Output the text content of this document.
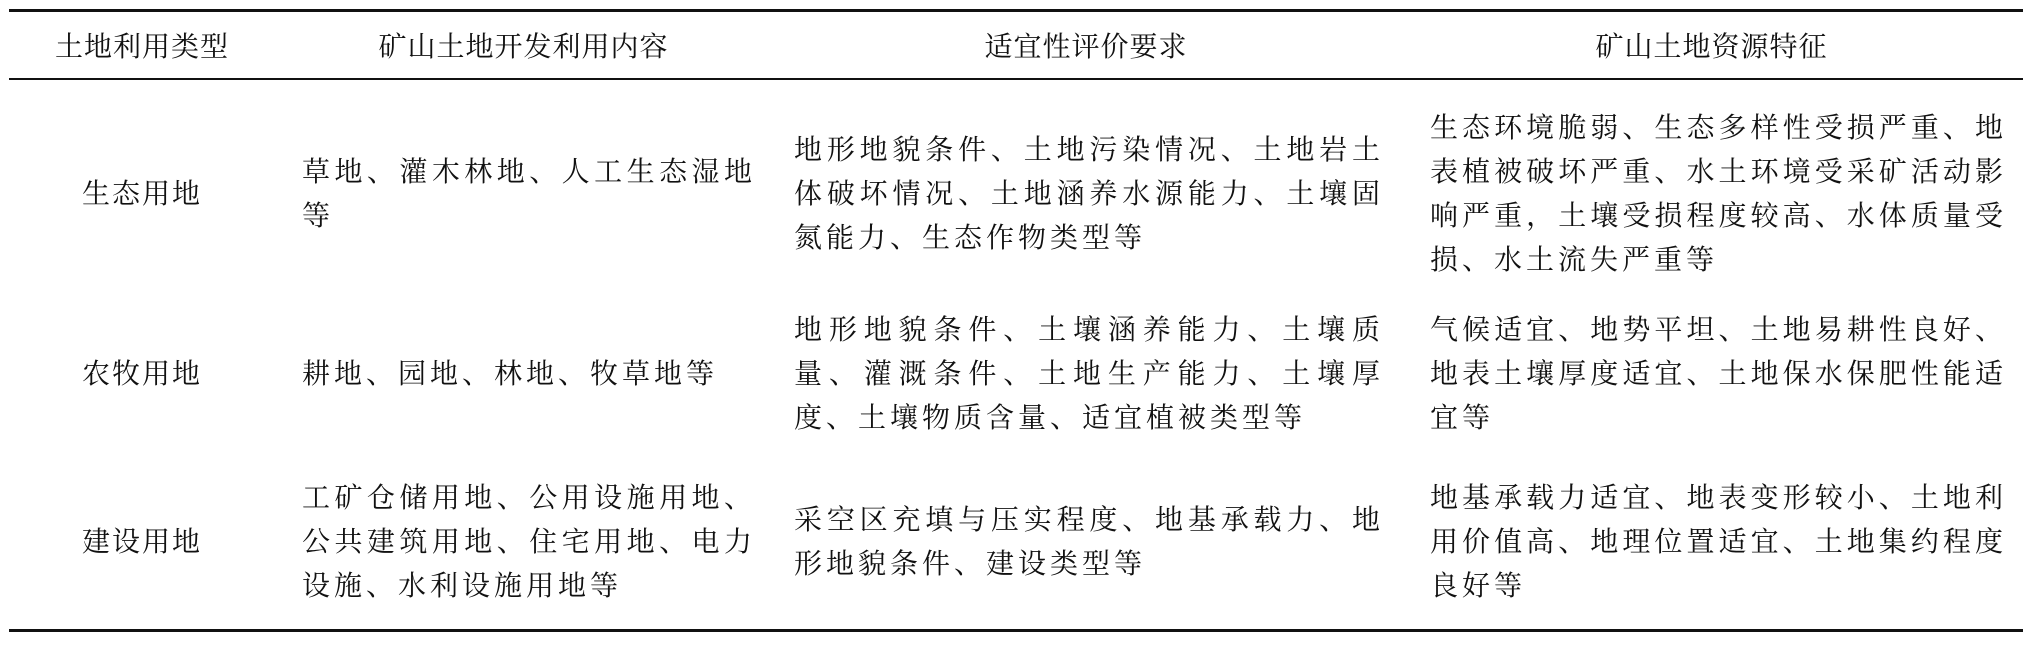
土地利用类型	矿山土地开发利用内容	适宜性评价要求	矿山土地资源特征
生态用地	草地、灌木林地、人工生态湿地等	地形地貌条件、土地污染情况、土地岩土体破坏情况、土地涵养水源能力、土壤固氮能力、生态作物类型等	生态环境脆弱、生态多样性受损严重、地表植被破坏严重、水土环境受采矿活动影响严重，土壤受损程度较高、水体质量受损、水土流失严重等
农牧用地	耕地、园地、林地、牧草地等	地形地貌条件、土壤涵养能力、土壤质量、灌溉条件、土地生产能力、土壤厚度、土壤物质含量、适宜植被类型等	气候适宜、地势平坦、土地易耕性良好、地表土壤厚度适宜、土地保水保肥性能适宜等
建设用地	工矿仓储用地、公用设施用地、公共建筑用地、住宅用地、电力设施、水利设施用地等	采空区充填与压实程度、地基承载力、地形地貌条件、建设类型等	地基承载力适宜、地表变形较小、土地利用价值高、地理位置适宜、土地集约程度良好等
